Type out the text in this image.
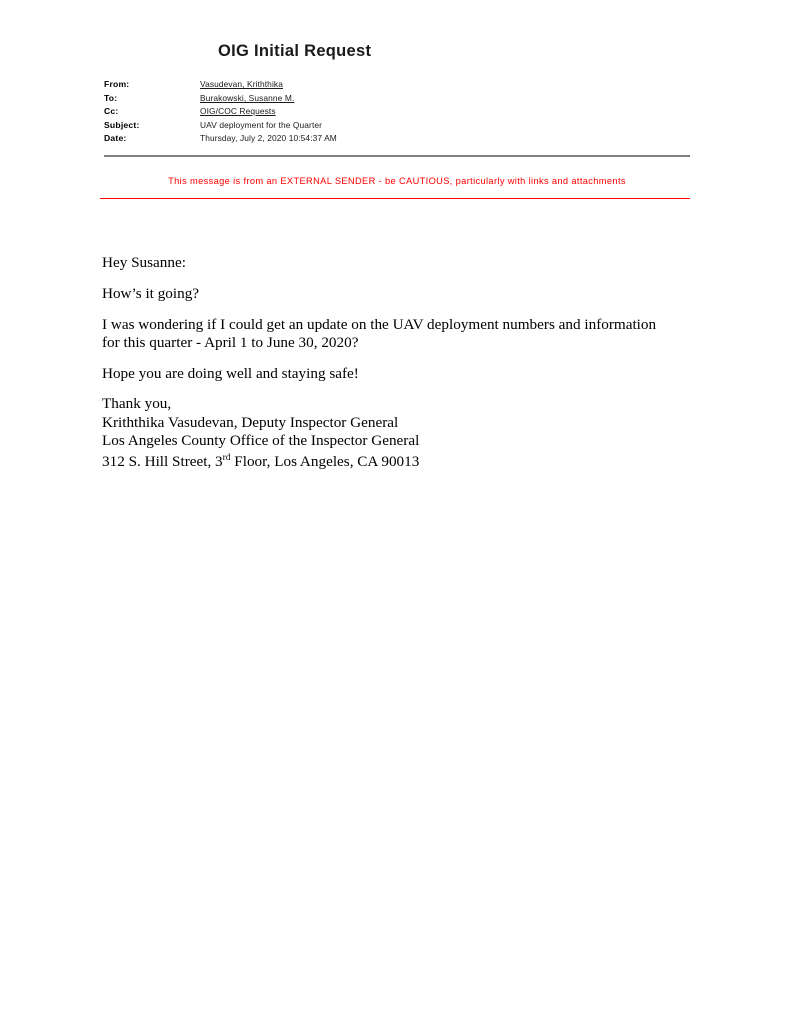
OIG Initial Request
From:	Vasudevan, Kriththika
To:	Burakowski, Susanne M.
Cc:	OIG/COC Requests
Subject:	UAV deployment for the Quarter
Date:	Thursday, July 2, 2020 10:54:37 AM
This message is from an EXTERNAL SENDER - be CAUTIOUS, particularly with links and attachments

Hey Susanne:

How’s it going?

I was wondering if I could get an update on the UAV deployment numbers and information

for this quarter - April 1 to June 30, 2020?

Hope you are doing well and staying safe!

Thank you,

Kriththika Vasudevan, Deputy Inspector General

Los Angeles County Office of the Inspector General

312 S. Hill Street, 3rd Floor, Los Angeles, CA 90013
